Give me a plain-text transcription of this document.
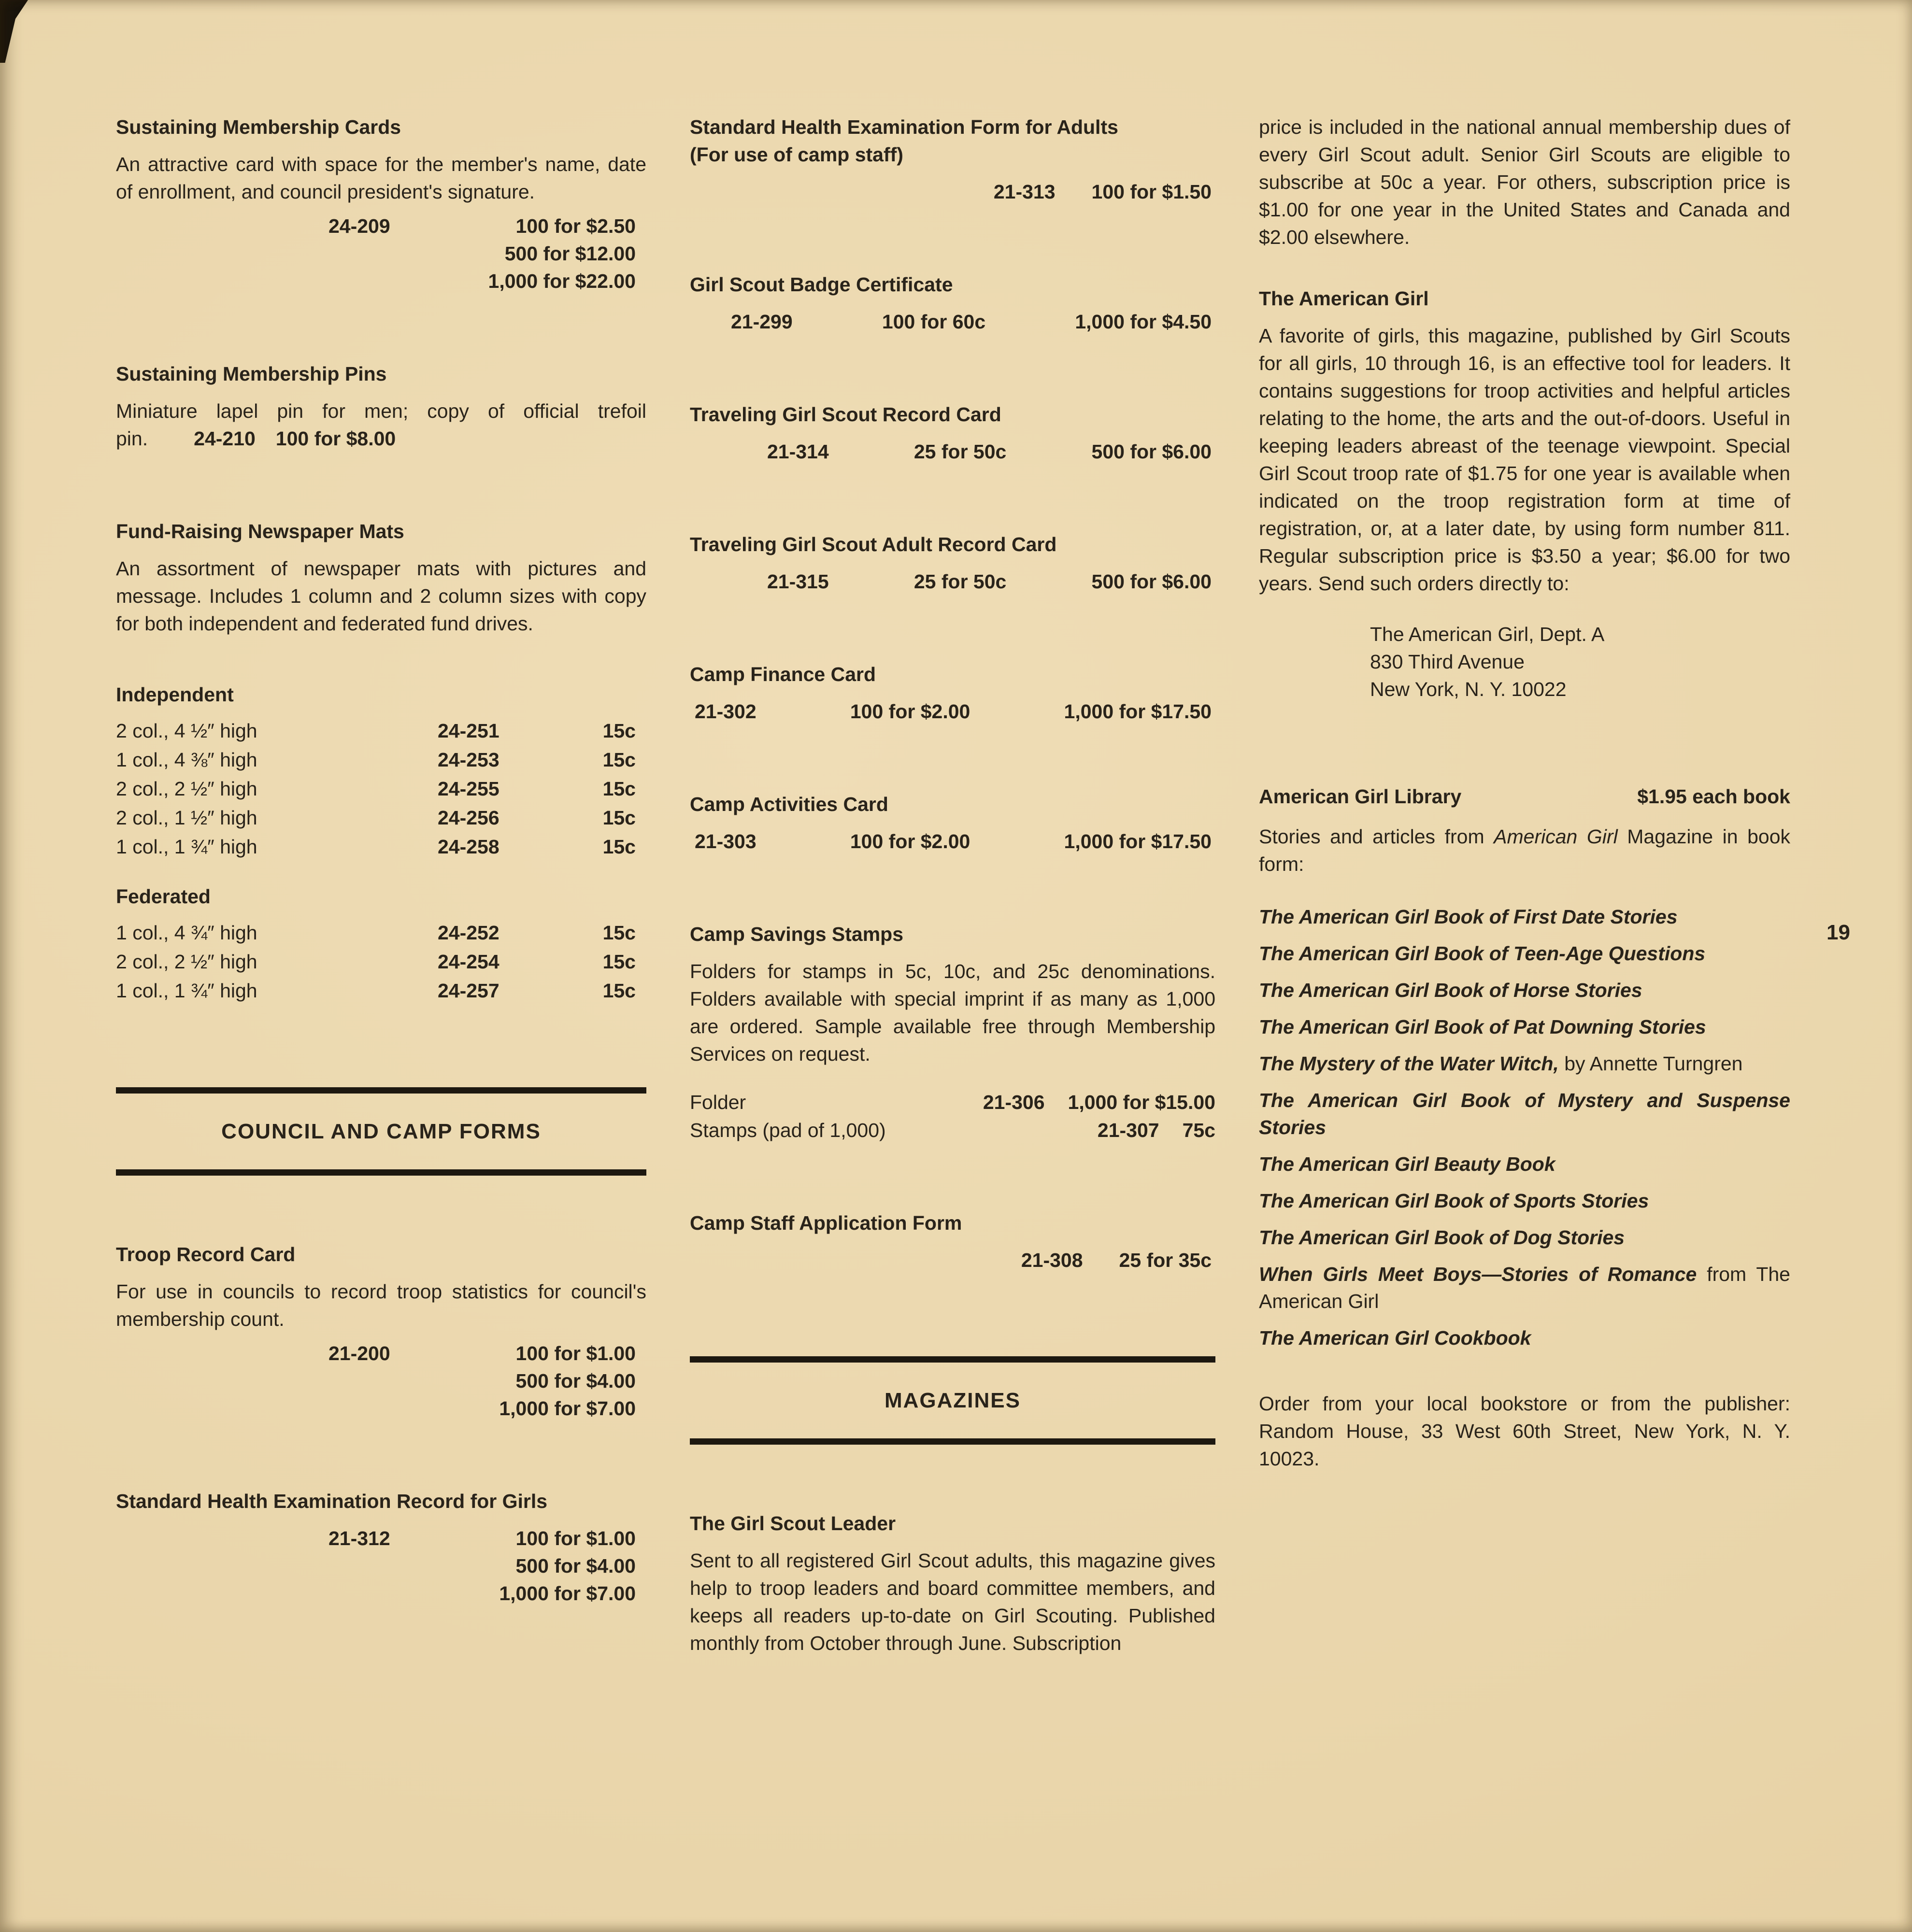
Sustaining Membership Cards

An attractive card with space for the member's name, date of enrollment, and council president's signature.

24-209	100 for $2.50
500 for $12.00
1,000 for $22.00
Sustaining Membership Pins

Miniature lapel pin for men; copy of official trefoil pin. 24-210 100 for $8.00

Fund-Raising Newspaper Mats

An assortment of newspaper mats with pictures and message. Includes 1 column and 2 column sizes with copy for both independent and federated fund drives.

Independent

2 col., 4 ½″ high	24-251	15c
1 col., 4 ⅜″ high	24-253	15c
2 col., 2 ½″ high	24-255	15c
2 col., 1 ½″ high	24-256	15c
1 col., 1 ¾″ high	24-258	15c

Federated

1 col., 4 ¾″ high	24-252	15c
2 col., 2 ½″ high	24-254	15c
1 col., 1 ¾″ high	24-257	15c
COUNCIL AND CAMP FORMS
Troop Record Card

For use in councils to record troop statistics for council's membership count.

21-200	100 for $1.00
500 for $4.00
1,000 for $7.00
Standard Health Examination Record for Girls
21-312	100 for $1.00
500 for $4.00
1,000 for $7.00
Standard Health Examination Form for Adults (For use of camp staff)
21-313 100 for $1.50
Girl Scout Badge Certificate
21-299	100 for 60c	1,000 for $4.50
Traveling Girl Scout Record Card
21-314	25 for 50c	500 for $6.00
Traveling Girl Scout Adult Record Card
21-315	25 for 50c	500 for $6.00
Camp Finance Card
21-302	100 for $2.00	1,000 for $17.50
Camp Activities Card
21-303	100 for $2.00	1,000 for $17.50
Camp Savings Stamps

Folders for stamps in 5c, 10c, and 25c denominations. Folders available with special imprint if as many as 1,000 are ordered. Sample available free through Membership Services on request.

Folder	21-306 1,000 for $15.00
Stamps (pad of 1,000)	21-307 75c
Camp Staff Application Form
21-308 25 for 35c
MAGAZINES
The Girl Scout Leader

Sent to all registered Girl Scout adults, this magazine gives help to troop leaders and board committee members, and keeps all readers up-to-date on Girl Scouting. Published monthly from October through June. Subscription

price is included in the national annual membership dues of every Girl Scout adult. Senior Girl Scouts are eligible to subscribe at 50c a year. For others, subscription price is $1.00 for one year in the United States and Canada and $2.00 elsewhere.

The American Girl

A favorite of girls, this magazine, published by Girl Scouts for all girls, 10 through 16, is an effective tool for leaders. It contains suggestions for troop activities and helpful articles relating to the home, the arts and the out-of-doors. Useful in keeping leaders abreast of the teenage viewpoint. Special Girl Scout troop rate of $1.75 for one year is available when indicated on the troop registration form at time of registration, or, at a later date, by using form number 811. Regular subscription price is $3.50 a year; $6.00 for two years. Send such orders directly to:

The American Girl, Dept. A
830 Third Avenue
New York, N. Y. 10022
American Girl Library	$1.95 each book

Stories and articles from American Girl Magazine in book form:

The American Girl Book of First Date Stories

The American Girl Book of Teen-Age Questions

The American Girl Book of Horse Stories

The American Girl Book of Pat Downing Stories

The Mystery of the Water Witch, by Annette Turngren

The American Girl Book of Mystery and Suspense Stories

The American Girl Beauty Book

The American Girl Book of Sports Stories

The American Girl Book of Dog Stories

When Girls Meet Boys—Stories of Romance from The American Girl

The American Girl Cookbook

Order from your local bookstore or from the publisher: Random House, 33 West 60th Street, New York, N. Y. 10023.

19
